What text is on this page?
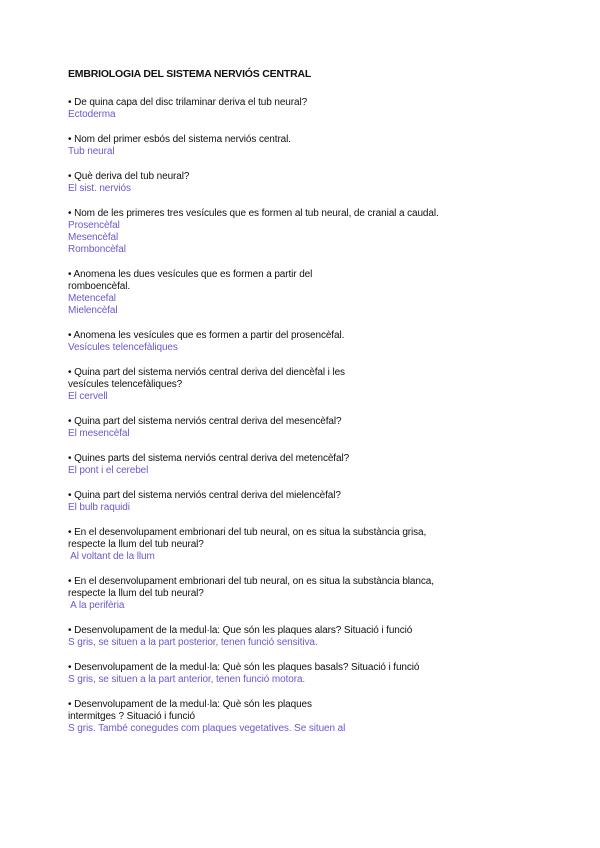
EMBRIOLOGIA DEL SISTEMA NERVIÓS CENTRAL
• De quina capa del disc trilaminar deriva el tub neural?
Ectoderma
• Nom del primer esbós del sistema nerviós central.
Tub neural
• Què deriva del tub neural?
El sist. nerviós
• Nom de les primeres tres vesícules que es formen al tub neural, de cranial a caudal.
Prosencèfal
Mesencèfal
Romboncèfal
• Anomena les dues vesícules que es formen a partir del
romboencèfal.
Metencefal
Mielencèfal
• Anomena les vesícules que es formen a partir del prosencèfal.
Vesícules telencefàliques
• Quina part del sistema nerviós central deriva del diencèfal i les
vesícules telencefàliques?
El cervell
• Quina part del sistema nerviós central deriva del mesencèfal?
El mesencèfal
• Quines parts del sistema nerviós central deriva del metencèfal?
El pont i el cerebel
• Quina part del sistema nerviós central deriva del mielencèfal?
El bulb raquidi
• En el desenvolupament embrionari del tub neural, on es situa la substància grisa,
respecte la llum del tub neural?
Al voltant de la llum
• En el desenvolupament embrionari del tub neural, on es situa la substància blanca,
respecte la llum del tub neural?
A la perifèria
• Desenvolupament de la medul·la: Que són les plaques alars? Situació i funció
S gris, se situen a la part posterior, tenen funció sensitiva.
• Desenvolupament de la medul·la: Què són les plaques basals? Situació i funció
S gris, se situen a la part anterior, tenen funció motora.
• Desenvolupament de la medul·la: Què són les plaques
intermitges ? Situació i funció
S gris. També conegudes com plaques vegetatives. Se situen al
